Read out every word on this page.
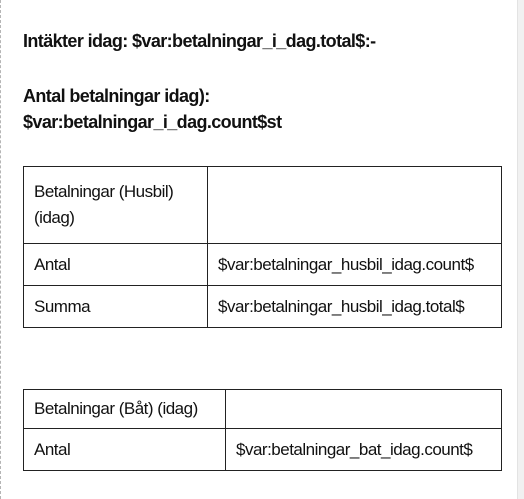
Intäkter idag: $var:betalningar_i_dag.total$:-

Antal betalningar idag):
$var:betalningar_i_dag.count$st

Betalningar (Husbil) (idag)	
Antal	$var:betalningar_husbil_idag.count$
Summa	$var:betalningar_husbil_idag.total$
Betalningar (Båt) (idag)	
Antal	$var:betalningar_bat_idag.count$
